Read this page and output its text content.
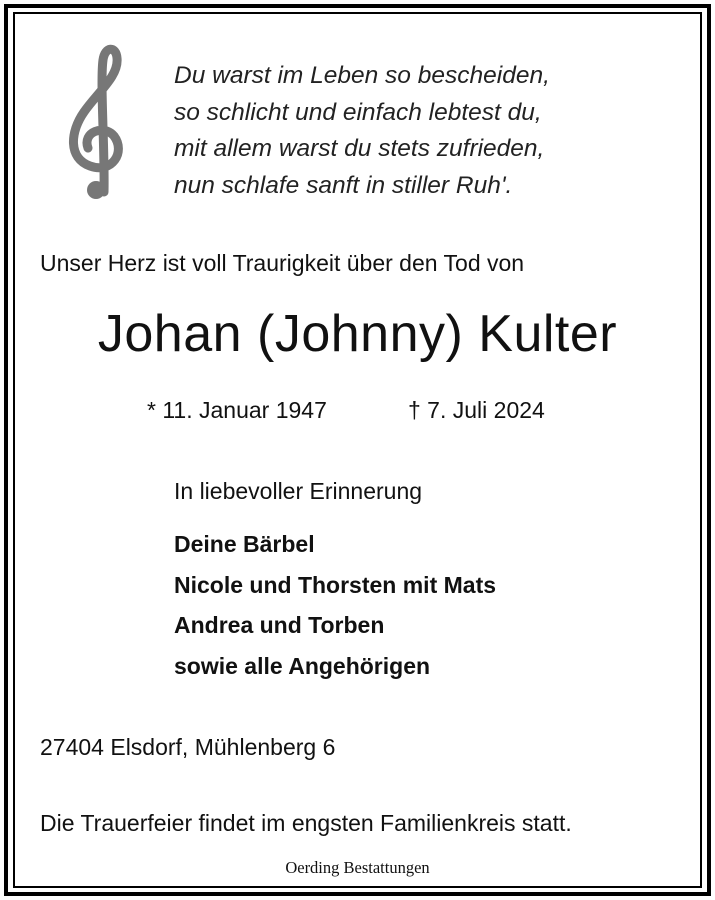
Du warst im Leben so bescheiden,
so schlicht und einfach lebtest du,
mit allem warst du stets zufrieden,
nun schlafe sanft in stiller Ruh'.
Unser Herz ist voll Traurigkeit über den Tod von
Johan (Johnny) Kulter
* 11. Januar 1947	† 7. Juli 2024
In liebevoller Erinnerung
Deine Bärbel
Nicole und Thorsten mit Mats
Andrea und Torben
sowie alle Angehörigen
27404 Elsdorf, Mühlenberg 6
Die Trauerfeier findet im engsten Familienkreis statt.
Oerding Bestattungen
